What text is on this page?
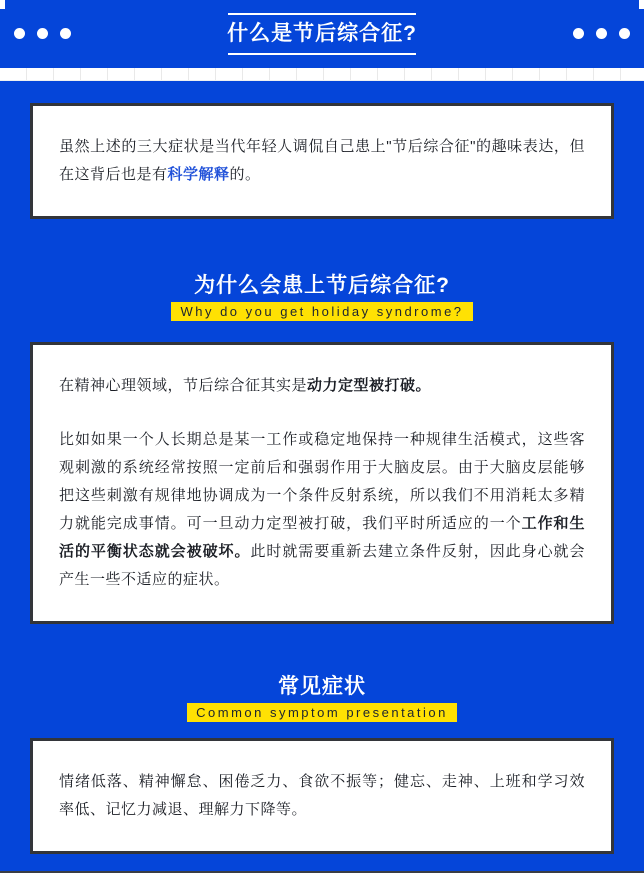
什么是节后综合征?

虽然上述的三大症状是当代年轻人调侃自己患上"节后综合征"的趣味表达，但在这背后也是有科学解释的。

为什么会患上节后综合征?
Why do you get holiday syndrome?

在精神心理领域，节后综合征其实是动力定型被打破。

比如如果一个人长期总是某一工作或稳定地保持一种规律生活模式，这些客观刺激的系统经常按照一定前后和强弱作用于大脑皮层。由于大脑皮层能够把这些刺激有规律地协调成为一个条件反射系统，所以我们不用消耗太多精力就能完成事情。可一旦动力定型被打破，我们平时所适应的一个工作和生活的平衡状态就会被破坏。此时就需要重新去建立条件反射，因此身心就会产生一些不适应的症状。

常见症状
Common symptom presentation

情绪低落、精神懈怠、困倦乏力、食欲不振等；健忘、走神、上班和学习效率低、记忆力减退、理解力下降等。
